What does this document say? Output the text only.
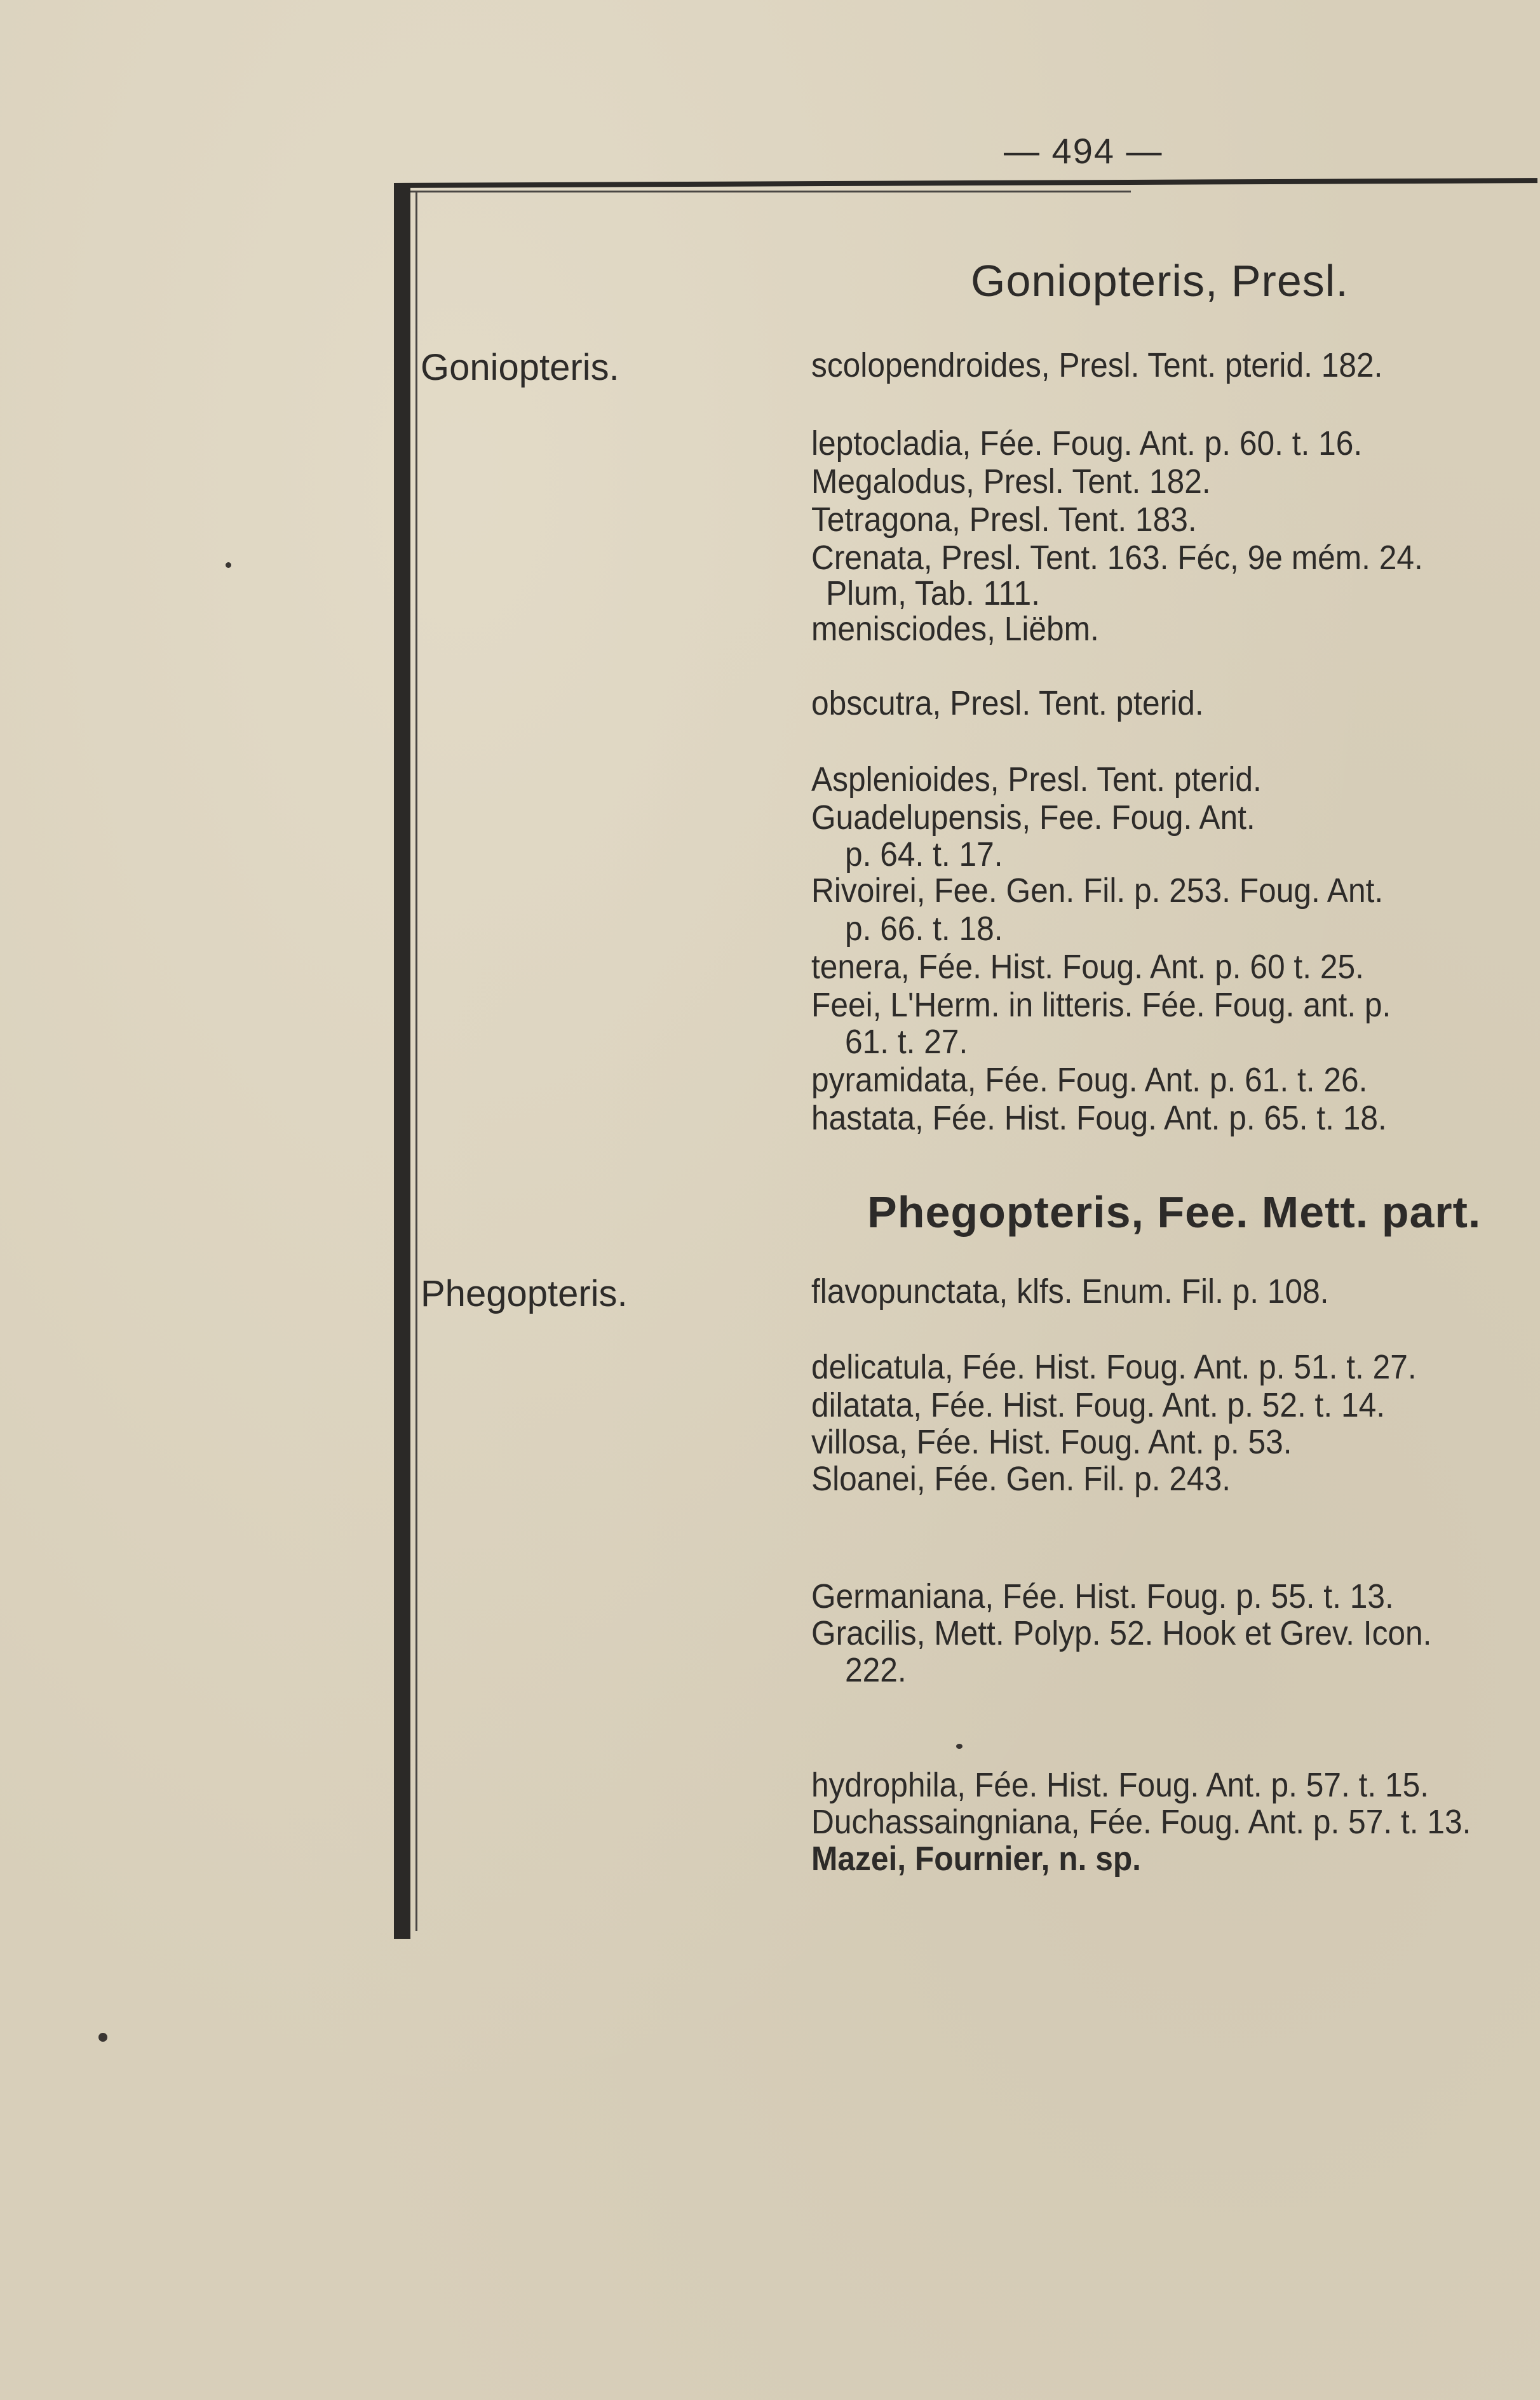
— 494 —
Goniopteris.
Phegopteris.
Goniopteris, Presl.
scolopendroides, Presl. Tent. pterid. 182.
leptocladia, Fée. Foug. Ant. p. 60. t. 16.
Megalodus, Presl. Tent. 182.
Tetragona, Presl. Tent. 183.
Crenata, Presl. Tent. 163. Féc, 9e mém. 24.
Plum, Tab. 111.
menisciodes, Liëbm.
obscutra, Presl. Tent. pterid.
Asplenioides, Presl. Tent. pterid.
Guadelupensis, Fee. Foug. Ant.
p. 64. t. 17.
Rivoirei, Fee. Gen. Fil. p. 253. Foug. Ant.
p. 66. t. 18.
tenera, Fée. Hist. Foug. Ant. p. 60 t. 25.
Feei, L'Herm. in litteris. Fée. Foug. ant. p.
61. t. 27.
pyramidata, Fée. Foug. Ant. p. 61. t. 26.
hastata, Fée. Hist. Foug. Ant. p. 65. t. 18.
Phegopteris, Fee. Mett. part.
flavopunctata, klfs. Enum. Fil. p. 108.
delicatula, Fée. Hist. Foug. Ant. p. 51. t. 27.
dilatata, Fée. Hist. Foug. Ant. p. 52. t. 14.
villosa, Fée. Hist. Foug. Ant. p. 53.
Sloanei, Fée. Gen. Fil. p. 243.
Germaniana, Fée. Hist. Foug. p. 55. t. 13.
Gracilis, Mett. Polyp. 52. Hook et Grev. Icon.
222.
hydrophila, Fée. Hist. Foug. Ant. p. 57. t. 15.
Duchassaingniana, Fée. Foug. Ant. p. 57. t. 13.
Mazei, Fournier, n. sp.
